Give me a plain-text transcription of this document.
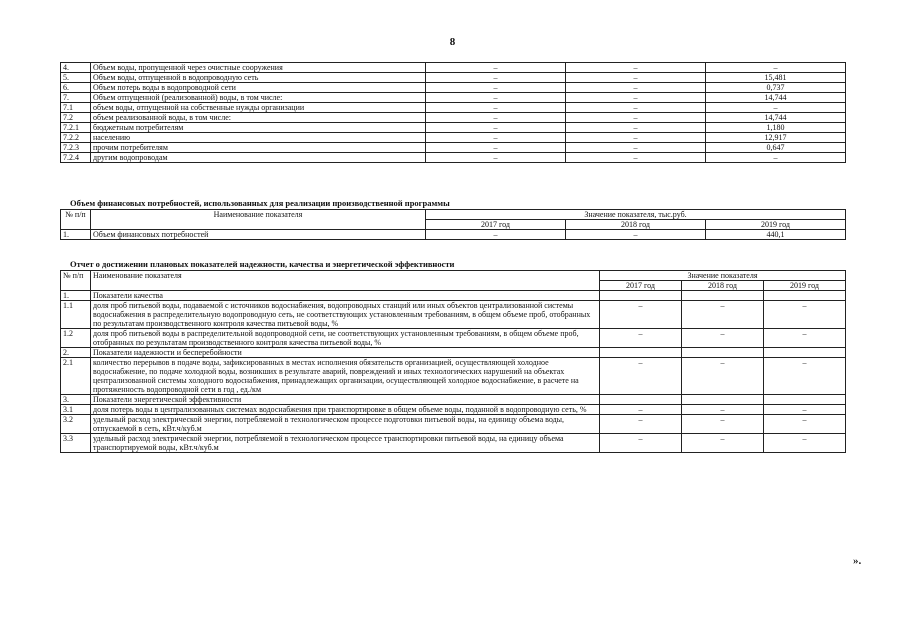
8
4.	Объем воды, пропущенной через очистные сооружения	–	–	–
5.	Объем воды, отпущенной в водопроводную сеть	–	–	15,481
6.	Объем потерь воды в водопроводной сети	–	–	0,737
7.	Объем отпущенной (реализованной) воды, в том числе:	–	–	14,744
7.1	объем воды, отпущенной на собственные нужды организации	–	–	–
7.2	объем реализованной воды, в том числе:	–	–	14,744
7.2.1	бюджетным потребителям	–	–	1,180
7.2.2	населению	–	–	12,917
7.2.3	прочим потребителям	–	–	0,647
7.2.4	другим водопроводам	–	–	–
Объем финансовых потребностей, использованных для реализации производственной программы
№ п/п	Наименование показателя	Значение показателя, тыс.руб.		
		2017 год	2018 год	2019 год
1.	Объем финансовых потребностей	–	–	440,1
Отчет о достижении плановых показателей надежности, качества и энергетической эффективности
№ п/п	Наименование показателя	Значение показателя		
		2017 год	2018 год	2019 год
1.	Показатели качества			
1.1	доля проб питьевой воды, подаваемой с источников водоснабжения, водопроводных станций или иных объектов централизованной системы водоснабжения в распределительную водопроводную сеть, не соответствующих установленным требованиям, в общем объеме проб, отобранных по результатам производственного контроля качества питьевой воды, %	–	–	–
1.2	доля проб питьевой воды в распределительной водопроводной сети, не соответствующих установленным требованиям, в общем объеме проб, отобранных по результатам производственного контроля качества питьевой воды, %	–	–	–
2.	Показатели надежности и бесперебойности			
2.1	количество перерывов в подаче воды, зафиксированных в местах исполнения обязательств организацией, осуществляющей холодное водоснабжение, по подаче холодной воды, возникших в результате аварий, повреждений и иных технологических нарушений на объектах централизованной системы холодного водоснабжения, принадлежащих организации, осуществляющей холодное водоснабжение, в расчете на протяженность водопроводной сети в год , ед./км	–	–	–
3.	Показатели энергетической эффективности			
3.1	доля потерь воды в централизованных системах водоснабжения при транспортировке в общем объеме воды, поданной в водопроводную сеть, %	–	–	–
3.2	удельный расход электрической энергии, потребляемой в технологическом процессе подготовки питьевой воды, на единицу объема воды, отпускаемой в сеть, кВт.ч/куб.м	–	–	–
3.3	удельный расход электрической энергии, потребляемой в технологическом процессе транспортировки питьевой воды, на единицу объема транспортируемой воды, кВт.ч/куб.м	–	–	–
».
